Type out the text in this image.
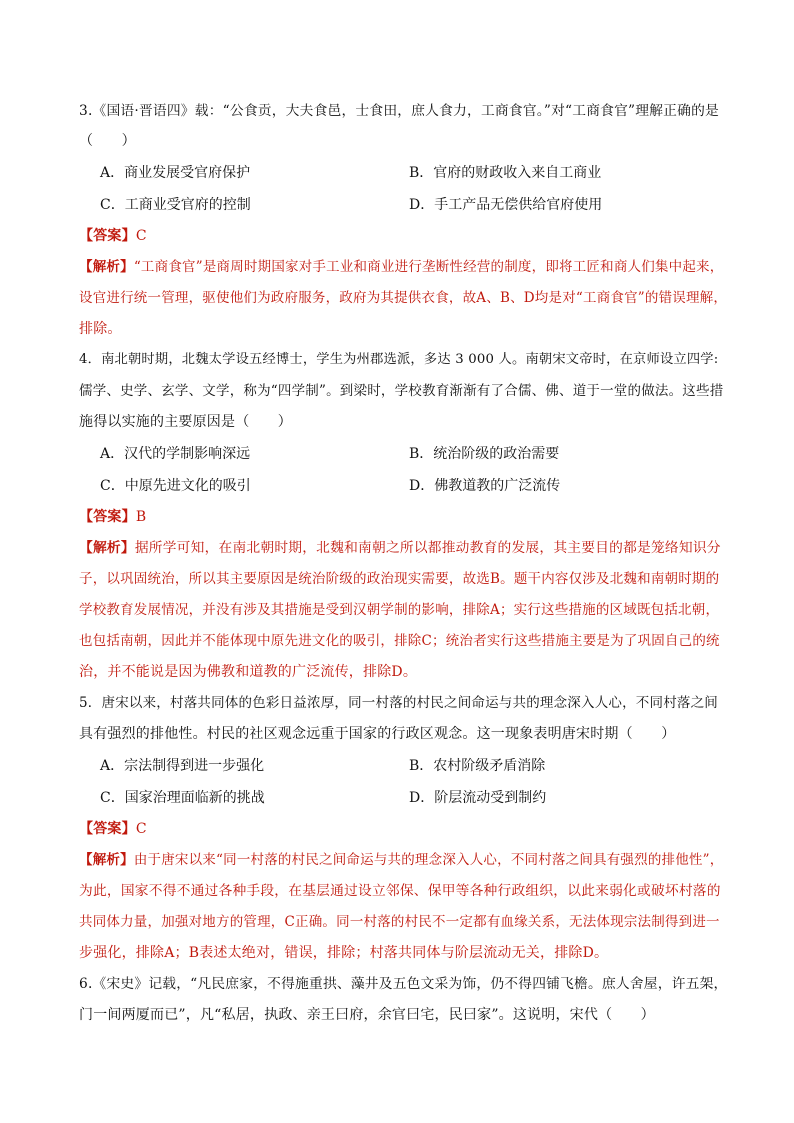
3.《国语·晋语四》载：“公食贡，大夫食邑，士食田，庶人食力，工商食官。”对“工商食官”理解正确的是
（　　）
A．商业发展受官府保护	B．官府的财政收入来自工商业
C．工商业受官府的控制	D．手工产品无偿供给官府使用
【答案】C
【解析】“工商食官”是商周时期国家对手工业和商业进行垄断性经营的制度，即将工匠和商人们集中起来，
设官进行统一管理，驱使他们为政府服务，政府为其提供衣食，故A、B、D均是对“工商食官”的错误理解，
排除。
4．南北朝时期，北魏太学设五经博士，学生为州郡选派，多达 3 000 人。南朝宋文帝时，在京师设立四学:
儒学、史学、玄学、文学，称为“四学制”。到梁时，学校教育渐渐有了合儒、佛、道于一堂的做法。这些措
施得以实施的主要原因是（　　）
A．汉代的学制影响深远	B．统治阶级的政治需要
C．中原先进文化的吸引	D．佛教道教的广泛流传
【答案】B
【解析】据所学可知，在南北朝时期，北魏和南朝之所以都推动教育的发展，其主要目的都是笼络知识分
子，以巩固统治，所以其主要原因是统治阶级的政治现实需要，故选B。题干内容仅涉及北魏和南朝时期的
学校教育发展情况，并没有涉及其措施是受到汉朝学制的影响，排除A；实行这些措施的区域既包括北朝，
也包括南朝，因此并不能体现中原先进文化的吸引，排除C；统治者实行这些措施主要是为了巩固自己的统
治，并不能说是因为佛教和道教的广泛流传，排除D。
5．唐宋以来，村落共同体的色彩日益浓厚，同一村落的村民之间命运与共的理念深入人心，不同村落之间
具有强烈的排他性。村民的社区观念远重于国家的行政区观念。这一现象表明唐宋时期（　　）
A．宗法制得到进一步强化	B．农村阶级矛盾消除
C．国家治理面临新的挑战	D．阶层流动受到制约
【答案】C
【解析】由于唐宋以来“同一村落的村民之间命运与共的理念深入人心，不同村落之间具有强烈的排他性”，
为此，国家不得不通过各种手段，在基层通过设立邻保、保甲等各种行政组织，以此来弱化或破坏村落的
共同体力量，加强对地方的管理，C正确。同一村落的村民不一定都有血缘关系，无法体现宗法制得到进一
步强化，排除A；B表述太绝对，错误，排除；村落共同体与阶层流动无关，排除D。
6.《宋史》记载，“凡民庶家，不得施重拱、藻井及五色文采为饰，仍不得四铺飞檐。庶人舍屋，许五架，
门一间两厦而已”，凡“私居，执政、亲王曰府，余官曰宅，民曰家”。这说明，宋代（　　）
